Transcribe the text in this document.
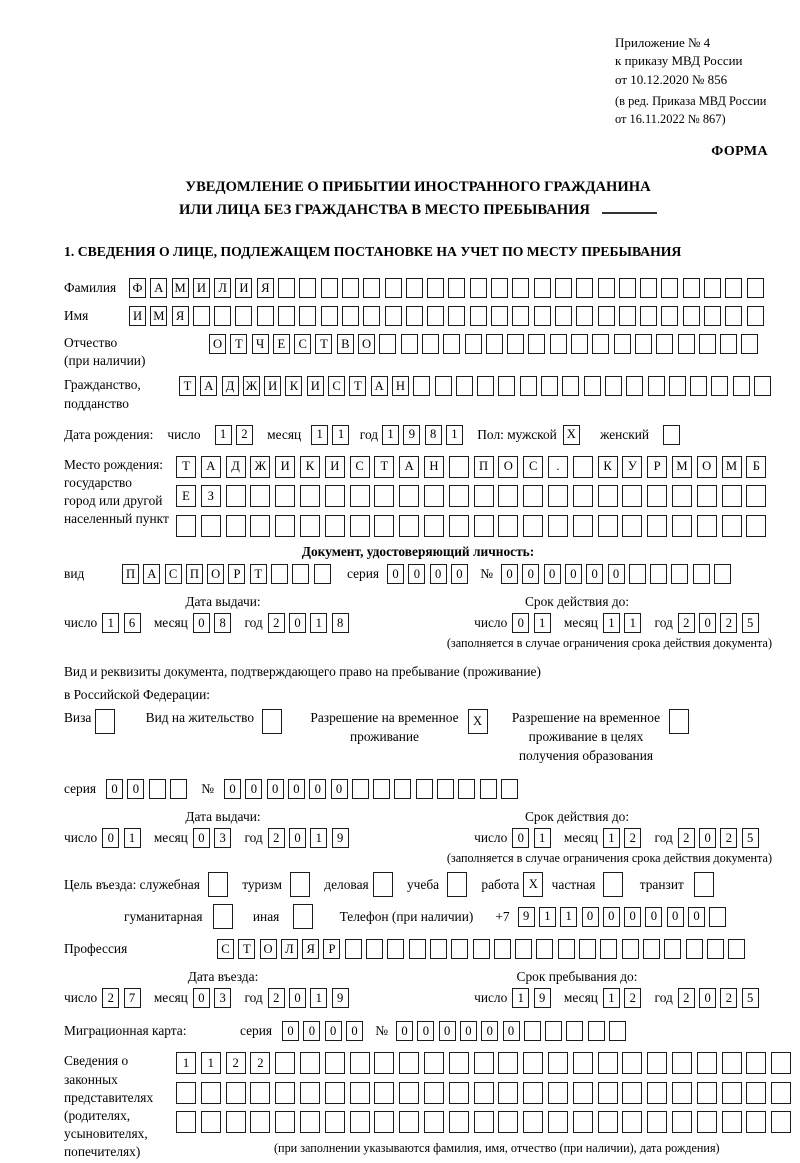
Приложение № 4
к приказу МВД России
от 10.12.2020 № 856
(в ред. Приказа МВД России
от 16.11.2022 № 867)
ФОРМА
УВЕДОМЛЕНИЕ О ПРИБЫТИИ ИНОСТРАННОГО ГРАЖДАНИНА
ИЛИ ЛИЦА БЕЗ ГРАЖДАНСТВА В МЕСТО ПРЕБЫВАНИЯ
1. СВЕДЕНИЯ О ЛИЦЕ, ПОДЛЕЖАЩЕМ ПОСТАНОВКЕ НА УЧЕТ ПО МЕСТУ ПРЕБЫВАНИЯ
Фамилия	Ф А М И Л И Я
Имя	И М Я
Отчество
(при наличии)
О	Т	Ч	Е	С	Т	В О
Гражданство,
подданство
Т	А Д Ж И К И С	Т	А Н
Дата рождения: число	1	2	месяц	1	1	год 1	9	8	1	Пол: мужской X женский
Место рождения:
государство
город или другой
населенный пункт
Т	А	Д	Ж	И	К	И	С	Т	А	Н	П	О	С	.	К	У	Р	М	О	М	Б
Е	З
Документ, удостоверяющий личность:
вид	П А С П О	Р	Т	серия	0	0	0	0	№	0	0	0	0	0	0
Дата выдачи:	Срок действия до:
число 1	6	месяц 0	8	год 2	0	1	8	число 0	1	месяц 1	1	год 2	0	2	5
(заполняется в случае ограничения срока действия документа)
Вид и реквизиты документа, подтверждающего право на пребывание (проживание)
в Российской Федерации:
Виза	Вид на жительство	Разрешение на временное
проживание
X	Разрешение на временное
проживание в целях
получения образования
серия	0	0	№	0	0	0	0	0	0
Дата выдачи:	Срок действия до:
число 0	1	месяц 0	3	год 2	0	1	9	число 0	1	месяц 1	2	год 2	0	2	5
(заполняется в случае ограничения срока действия документа)
Цель въезда: служебная	туризм	деловая	учеба	работа X	частная	транзит
гуманитарная	иная	Телефон (при наличии) +7	9	1	1	0	0	0	0	0	0
Профессия	С	Т	О Л	Я	Р
Дата въезда:	Срок пребывания до:
число 2	7	месяц 0	3	год 2	0	1	9	число 1	9	месяц 1	2	год 2	0	2	5
Миграционная карта:	серия	0	0	0	0	№	0	0	0	0	0	0
Сведения о
законных
представителях
(родителях,
усыновителях,
попечителях)
1	1	2	2
(при заполнении указываются фамилия, имя, отчество (при наличии), дата рождения)
